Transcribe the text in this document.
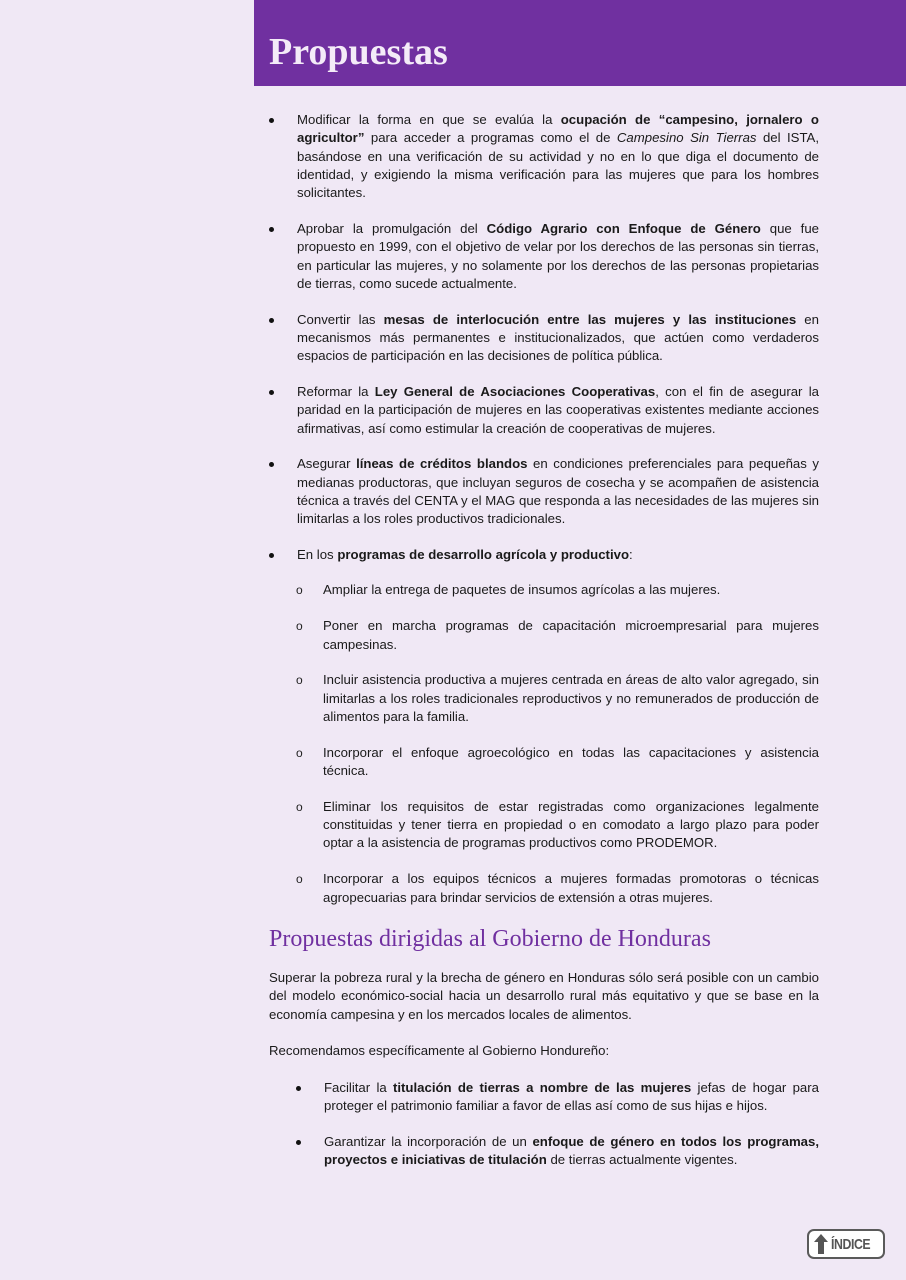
Propuestas
Modificar la forma en que se evalúa la ocupación de “campesino, jornalero o agricultor” para acceder a programas como el de Campesino Sin Tierras del ISTA, basándose en una verificación de su actividad y no en lo que diga el documento de identidad, y exigiendo la misma verificación para las mujeres que para los hombres solicitantes.
Aprobar la promulgación del Código Agrario con Enfoque de Género que fue propuesto en 1999, con el objetivo de velar por los derechos de las personas sin tierras, en particular las mujeres, y no solamente por los derechos de las personas propietarias de tierras, como sucede actualmente.
Convertir las mesas de interlocución entre las mujeres y las instituciones en mecanismos más permanentes e institucionalizados, que actúen como verdaderos espacios de participación en las decisiones de política pública.
Reformar la Ley General de Asociaciones Cooperativas, con el fin de asegurar la paridad en la participación de mujeres en las cooperativas existentes mediante acciones afirmativas, así como estimular la creación de cooperativas de mujeres.
Asegurar líneas de créditos blandos en condiciones preferenciales para pequeñas y medianas productoras, que incluyan seguros de cosecha y se acompañen de asistencia técnica a través del CENTA y el MAG que responda a las necesidades de las mujeres sin limitarlas a los roles productivos tradicionales.
En los programas de desarrollo agrícola y productivo:
o Ampliar la entrega de paquetes de insumos agrícolas a las mujeres.
o Poner en marcha programas de capacitación microempresarial para mujeres campesinas.
o Incluir asistencia productiva a mujeres centrada en áreas de alto valor agregado, sin limitarlas a los roles tradicionales reproductivos y no remunerados de producción de alimentos para la familia.
o Incorporar el enfoque agroecológico en todas las capacitaciones y asistencia técnica.
o Eliminar los requisitos de estar registradas como organizaciones legalmente constituidas y tener tierra en propiedad o en comodato a largo plazo para poder optar a la asistencia de programas productivos como PRODEMOR.
o Incorporar a los equipos técnicos a mujeres formadas promotoras o técnicas agropecuarias para brindar servicios de extensión a otras mujeres.
Propuestas dirigidas al Gobierno de Honduras

Superar la pobreza rural y la brecha de género en Honduras sólo será posible con un cambio del modelo económico-social hacia un desarrollo rural más equitativo y que se base en la economía campesina y en los mercados locales de alimentos.

Recomendamos específicamente al Gobierno Hondureño:

Facilitar la titulación de tierras a nombre de las mujeres jefas de hogar para proteger el patrimonio familiar a favor de ellas así como de sus hijas e hijos.
Garantizar la incorporación de un enfoque de género en todos los programas, proyectos e iniciativas de titulación de tierras actualmente vigentes.
ÍNDICE
